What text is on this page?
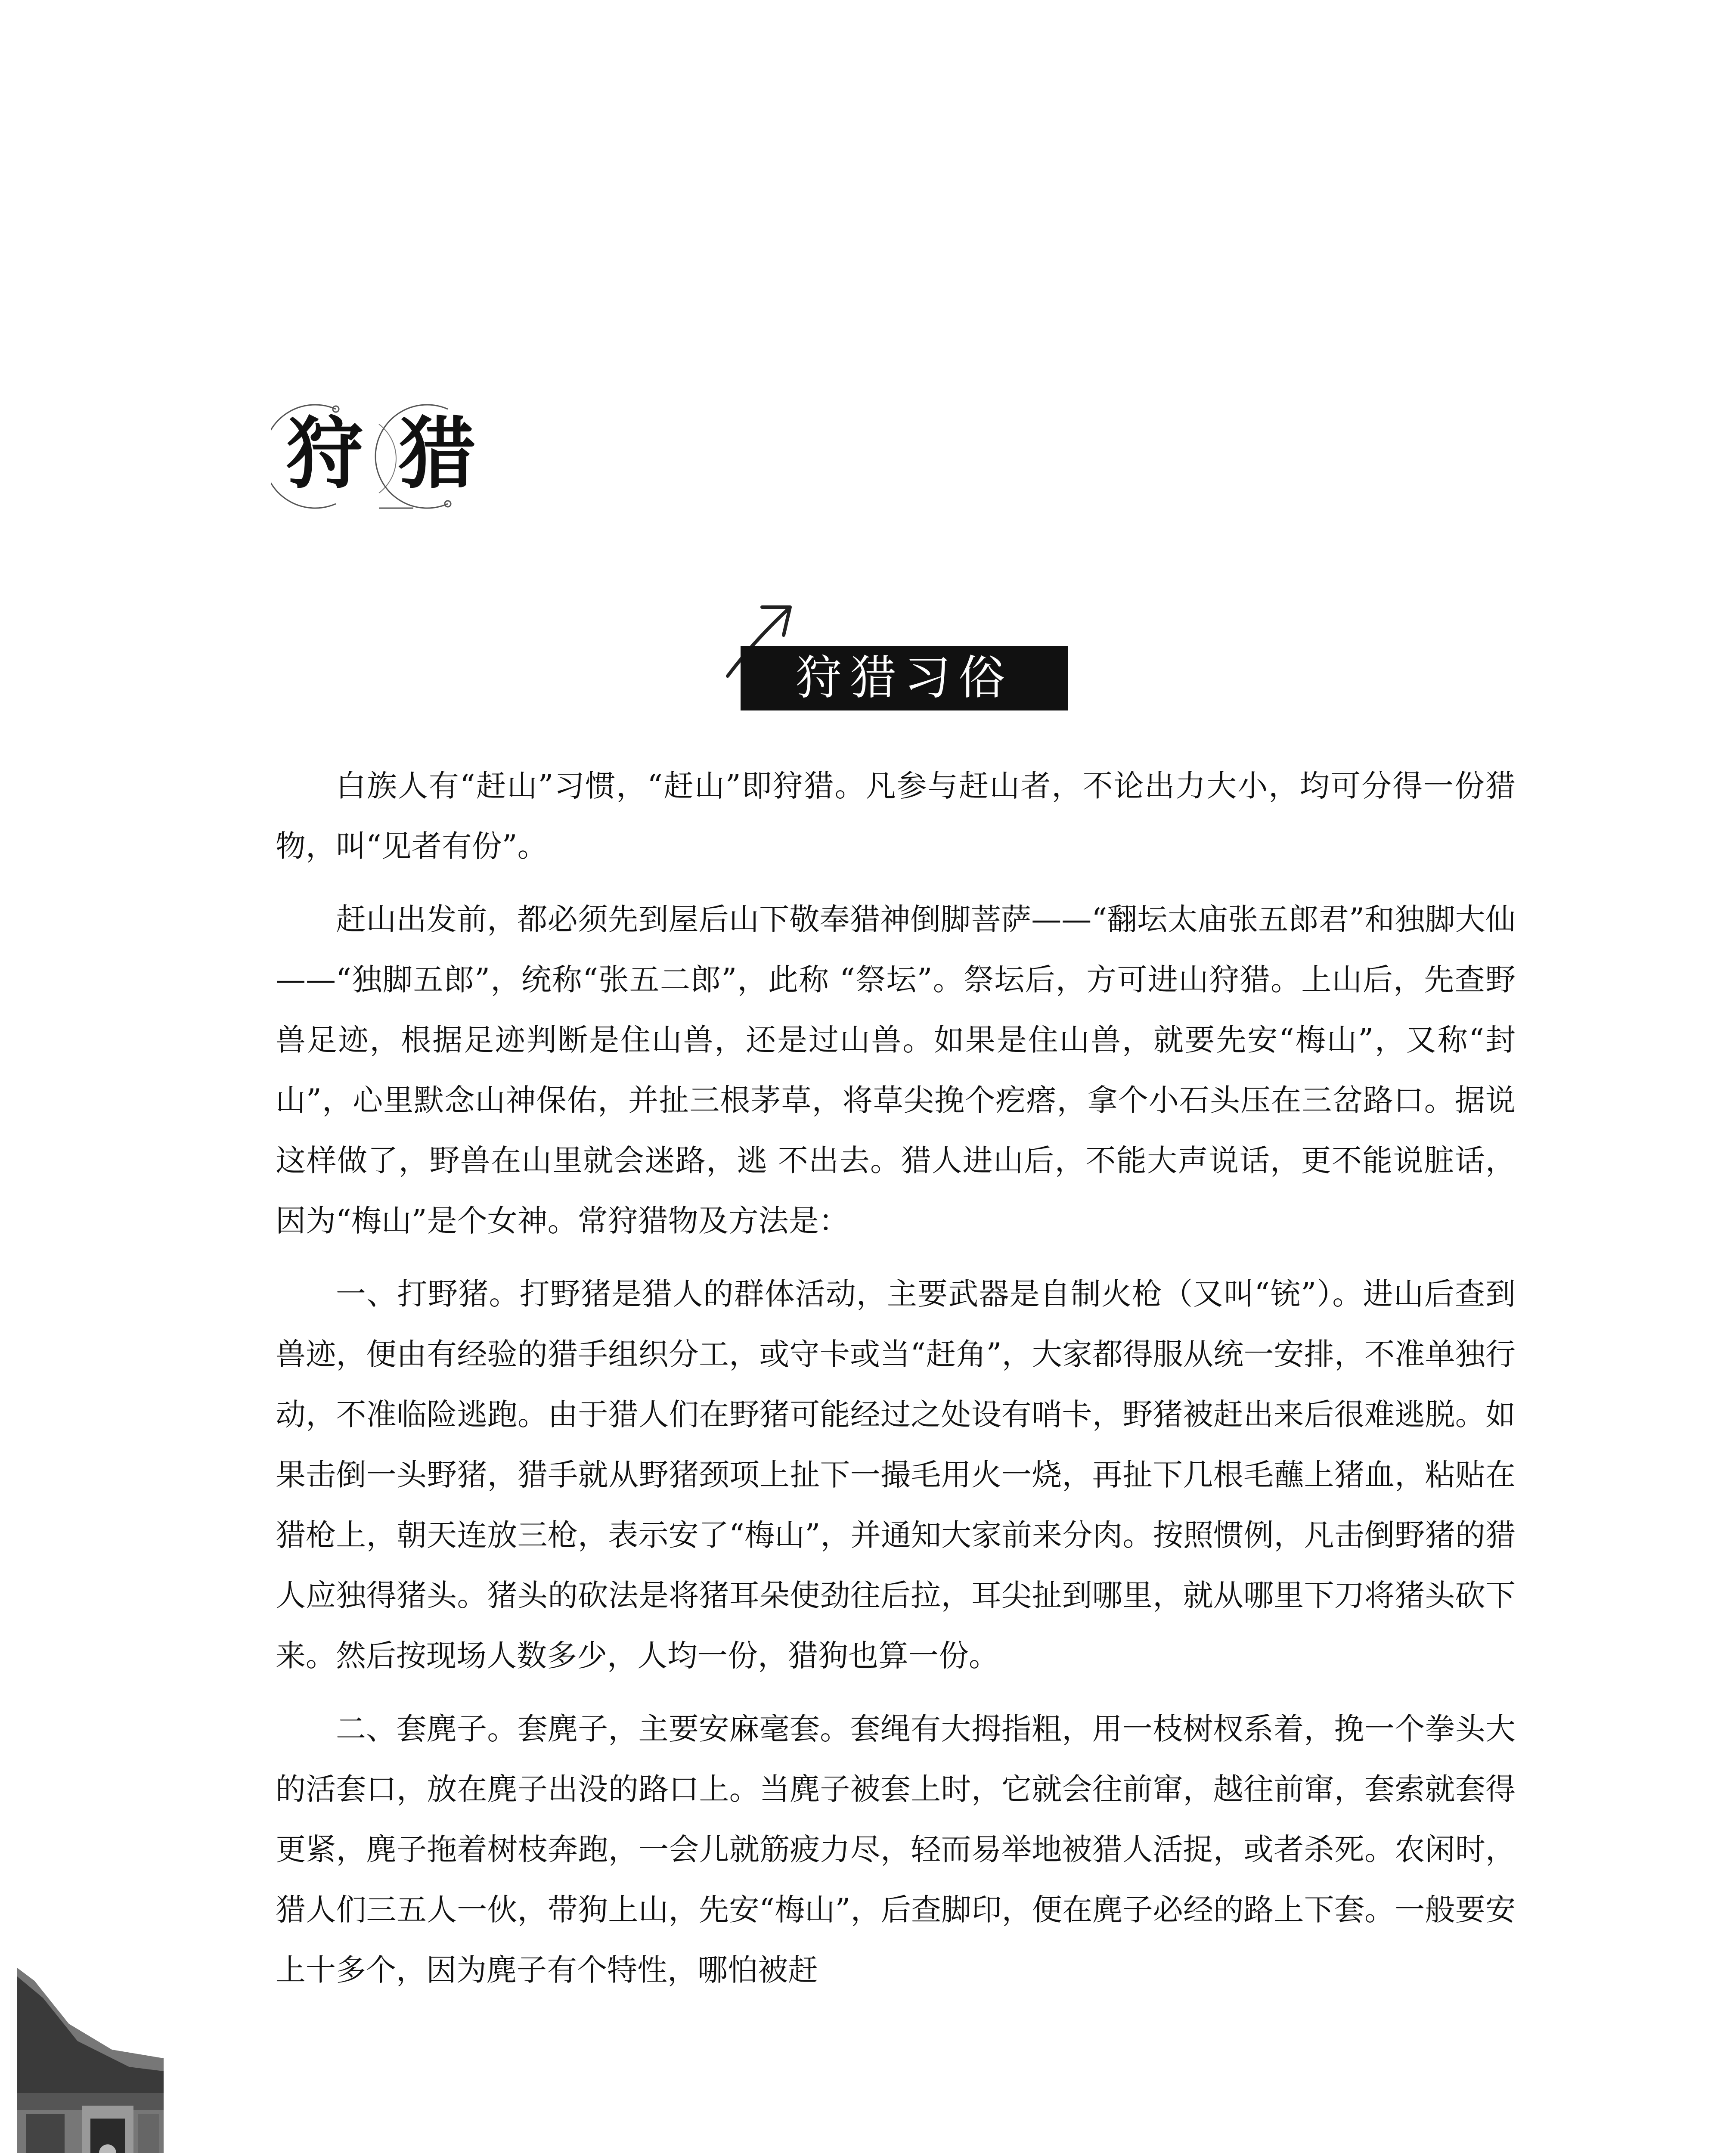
狩 猎
狩猎习俗

白族人有“赶山”习惯，“赶山”即狩猎。凡参与赶山者，不论出力大小，均可分得一份猎物，叫“见者有份”。

赶山出发前，都必须先到屋后山下敬奉猎神倒脚菩萨——“翻坛太庙张五郎君”和独脚大仙——“独脚五郎”，统称“张五二郎”，此称 “祭坛”。祭坛后，方可进山狩猎。上山后，先查野兽足迹，根据足迹判断是住山兽，还是过山兽。如果是住山兽，就要先安“梅山”，又称“封山”，心里默念山神保佑，并扯三根茅草，将草尖挽个疙瘩，拿个小石头压在三岔路口。据说这样做了，野兽在山里就会迷路，逃 不出去。猎人进山后，不能大声说话，更不能说脏话，因为“梅山”是个女神。常狩猎物及方法是：

一、打野猪。打野猪是猎人的群体活动，主要武器是自制火枪（又叫“铳”）。进山后查到兽迹，便由有经验的猎手组织分工，或守卡或当“赶角”，大家都得服从统一安排，不准单独行动，不准临险逃跑。由于猎人们在野猪可能经过之处设有哨卡，野猪被赶出来后很难逃脱。如果击倒一头野猪，猎手就从野猪颈项上扯下一撮毛用火一烧，再扯下几根毛蘸上猪血，粘贴在猎枪上，朝天连放三枪，表示安了“梅山”，并通知大家前来分肉。按照惯例，凡击倒野猪的猎人应独得猪头。猪头的砍法是将猪耳朵使劲往后拉，耳尖扯到哪里，就从哪里下刀将猪头砍下来。然后按现场人数多少，人均一份，猎狗也算一份。

二、套麂子。套麂子，主要安麻毫套。套绳有大拇指粗，用一枝树杈系着，挽一个拳头大的活套口，放在麂子出没的路口上。当麂子被套上时，它就会往前窜，越往前窜，套索就套得更紧，麂子拖着树枝奔跑，一会儿就筋疲力尽，轻而易举地被猎人活捉，或者杀死。农闲时，猎人们三五人一伙，带狗上山，先安“梅山”，后查脚印，便在麂子必经的路上下套。一般要安上十多个，因为麂子有个特性，哪怕被赶
